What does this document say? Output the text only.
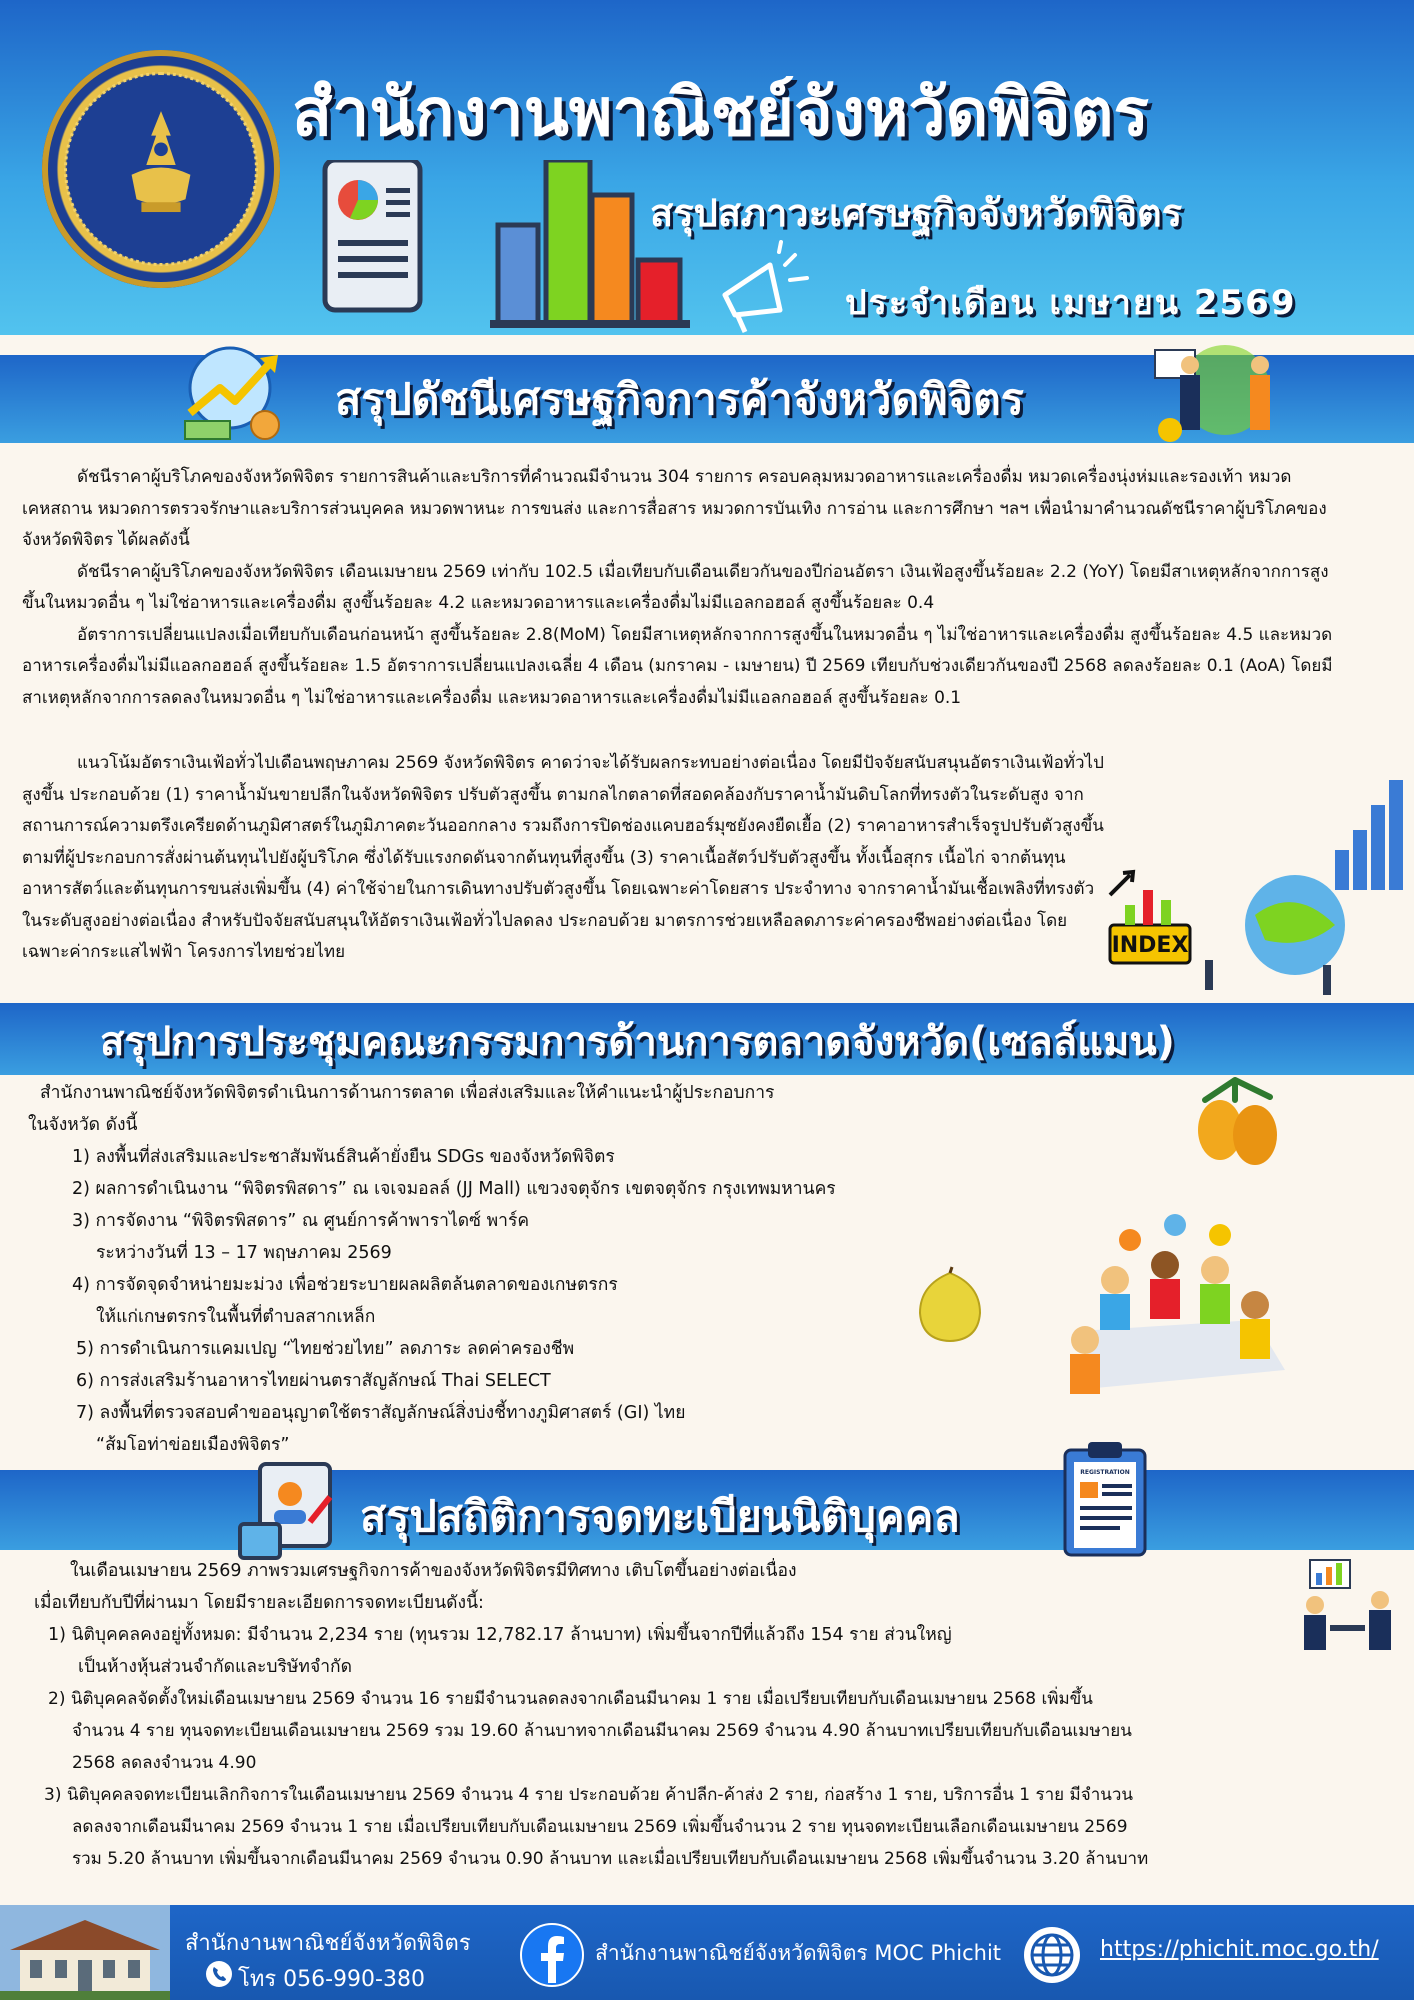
สำนักงานพาณิชย์จังหวัดพิจิตร
สรุปสภาวะเศรษฐกิจจังหวัดพิจิตร
ประจำเดือน เมษายน 2569
สรุปดัชนีเศรษฐกิจการค้าจังหวัดพิจิตร

ดัชนีราคาผู้บริโภคของจังหวัดพิจิตร รายการสินค้าและบริการที่คำนวณมีจำนวน 304 รายการ ครอบคลุมหมวดอาหารและเครื่องดื่ม หมวดเครื่องนุ่งห่มและรองเท้า หมวดเคหสถาน หมวดการตรวจรักษาและบริการส่วนบุคคล หมวดพาหนะ การขนส่ง และการสื่อสาร หมวดการบันเทิง การอ่าน และการศึกษา ฯลฯ เพื่อนำมาคำนวณดัชนีราคาผู้บริโภคของจังหวัดพิจิตร ได้ผลดังนี้

ดัชนีราคาผู้บริโภคของจังหวัดพิจิตร เดือนเมษายน 2569 เท่ากับ 102.5 เมื่อเทียบกับเดือนเดียวกันของปีก่อนอัตรา เงินเฟ้อสูงขึ้นร้อยละ 2.2 (YoY) โดยมีสาเหตุหลักจากการสูงขึ้นในหมวดอื่น ๆ ไม่ใช่อาหารและเครื่องดื่ม สูงขึ้นร้อยละ 4.2 และหมวดอาหารและเครื่องดื่มไม่มีแอลกอฮอล์ สูงขึ้นร้อยละ 0.4

อัตราการเปลี่ยนแปลงเมื่อเทียบกับเดือนก่อนหน้า สูงขึ้นร้อยละ 2.8(MoM) โดยมีสาเหตุหลักจากการสูงขึ้นในหมวดอื่น ๆ ไม่ใช่อาหารและเครื่องดื่ม สูงขึ้นร้อยละ 4.5 และหมวดอาหารเครื่องดื่มไม่มีแอลกอฮอล์ สูงขึ้นร้อยละ 1.5 อัตราการเปลี่ยนแปลงเฉลี่ย 4 เดือน (มกราคม - เมษายน) ปี 2569 เทียบกับช่วงเดียวกันของปี 2568 ลดลงร้อยละ 0.1 (AoA) โดยมีสาเหตุหลักจากการลดลงในหมวดอื่น ๆ ไม่ใช่อาหารและเครื่องดื่ม และหมวดอาหารและเครื่องดื่มไม่มีแอลกอฮอล์ สูงขึ้นร้อยละ 0.1

แนวโน้มอัตราเงินเฟ้อทั่วไปเดือนพฤษภาคม 2569 จังหวัดพิจิตร คาดว่าจะได้รับผลกระทบอย่างต่อเนื่อง โดยมีปัจจัยสนับสนุนอัตราเงินเฟ้อทั่วไปสูงขึ้น ประกอบด้วย (1) ราคาน้ำมันขายปลีกในจังหวัดพิจิตร ปรับตัวสูงขึ้น ตามกลไกตลาดที่สอดคล้องกับราคาน้ำมันดิบโลกที่ทรงตัวในระดับสูง จากสถานการณ์ความตรึงเครียดด้านภูมิศาสตร์ในภูมิภาคตะวันออกกลาง รวมถึงการปิดช่องแคบฮอร์มุซยังคงยืดเยื้อ (2) ราคาอาหารสำเร็จรูปปรับตัวสูงขึ้น ตามที่ผู้ประกอบการสั่งผ่านต้นทุนไปยังผู้บริโภค ซึ่งได้รับแรงกดดันจากต้นทุนที่สูงขึ้น (3) ราคาเนื้อสัตว์ปรับตัวสูงขึ้น ทั้งเนื้อสุกร เนื้อไก่ จากต้นทุนอาหารสัตว์และต้นทุนการขนส่งเพิ่มขึ้น (4) ค่าใช้จ่ายในการเดินทางปรับตัวสูงขึ้น โดยเฉพาะค่าโดยสาร ประจำทาง จากราคาน้ำมันเชื้อเพลิงที่ทรงตัวในระดับสูงอย่างต่อเนื่อง สำหรับปัจจัยสนับสนุนให้อัตราเงินเฟ้อทั่วไปลดลง ประกอบด้วย มาตรการช่วยเหลือลดภาระค่าครองชีพอย่างต่อเนื่อง โดยเฉพาะค่ากระแสไฟฟ้า โครงการไทยช่วยไทย	INDEX
สรุปการประชุมคณะกรรมการด้านการตลาดจังหวัด(เซลล์แมน)
สำนักงานพาณิชย์จังหวัดพิจิตรดำเนินการด้านการตลาด เพื่อส่งเสริมและให้คำแนะนำผู้ประกอบการ
ในจังหวัด ดังนี้
1) ลงพื้นที่ส่งเสริมและประชาสัมพันธ์สินค้ายั่งยืน SDGs ของจังหวัดพิจิตร
2) ผลการดำเนินงาน “พิจิตรพิสดาร” ณ เจเจมอลล์ (JJ Mall) แขวงจตุจักร เขตจตุจักร กรุงเทพมหานคร
3) การจัดงาน “พิจิตรพิสดาร” ณ ศูนย์การค้าพาราไดซ์ พาร์ค
ระหว่างวันที่ 13 – 17 พฤษภาคม 2569
4) การจัดจุดจำหน่ายมะม่วง เพื่อช่วยระบายผลผลิตล้นตลาดของเกษตรกร
ให้แก่เกษตรกรในพื้นที่ตำบลสากเหล็ก
5) การดำเนินการแคมเปญ “ไทยช่วยไทย” ลดภาระ ลดค่าครองชีพ
6) การส่งเสริมร้านอาหารไทยผ่านตราสัญลักษณ์ Thai SELECT
7) ลงพื้นที่ตรวจสอบคำขออนุญาตใช้ตราสัญลักษณ์สิ่งบ่งชี้ทางภูมิศาสตร์ (GI) ไทย
“ส้มโอท่าข่อยเมืองพิจิตร”
สรุปสถิติการจดทะเบียนนิติบุคคล
REGISTRATION
ในเดือนเมษายน 2569 ภาพรวมเศรษฐกิจการค้าของจังหวัดพิจิตรมีทิศทาง เติบโตขึ้นอย่างต่อเนื่อง
เมื่อเทียบกับปีที่ผ่านมา โดยมีรายละเอียดการจดทะเบียนดังนี้:
1) นิติบุคคลคงอยู่ทั้งหมด: มีจำนวน 2,234 ราย (ทุนรวม 12,782.17 ล้านบาท) เพิ่มขึ้นจากปีที่แล้วถึง 154 ราย ส่วนใหญ่
เป็นห้างหุ้นส่วนจำกัดและบริษัทจำกัด
2) นิติบุคคลจัดตั้งใหม่เดือนเมษายน 2569 จำนวน 16 รายมีจำนวนลดลงจากเดือนมีนาคม 1 ราย เมื่อเปรียบเทียบกับเดือนเมษายน 2568 เพิ่มขึ้น
จำนวน 4 ราย ทุนจดทะเบียนเดือนเมษายน 2569 รวม 19.60 ล้านบาทจากเดือนมีนาคม 2569 จำนวน 4.90 ล้านบาทเปรียบเทียบกับเดือนเมษายน
2568 ลดลงจำนวน 4.90
3) นิติบุคคลจดทะเบียนเลิกกิจการในเดือนเมษายน 2569 จำนวน 4 ราย ประกอบด้วย ค้าปลีก-ค้าส่ง 2 ราย, ก่อสร้าง 1 ราย, บริการอื่น 1 ราย มีจำนวน
ลดลงจากเดือนมีนาคม 2569 จำนวน 1 ราย เมื่อเปรียบเทียบกับเดือนเมษายน 2569 เพิ่มขึ้นจำนวน 2 ราย ทุนจดทะเบียนเลือกเดือนเมษายน 2569
รวม 5.20 ล้านบาท เพิ่มขึ้นจากเดือนมีนาคม 2569 จำนวน 0.90 ล้านบาท และเมื่อเปรียบเทียบกับเดือนเมษายน 2568 เพิ่มขึ้นจำนวน 3.20 ล้านบาท
สำนักงานพาณิชย์จังหวัดพิจิตร
โทร 056-990-380
สำนักงานพาณิชย์จังหวัดพิจิตร MOC Phichit	https://phichit.moc.go.th/
